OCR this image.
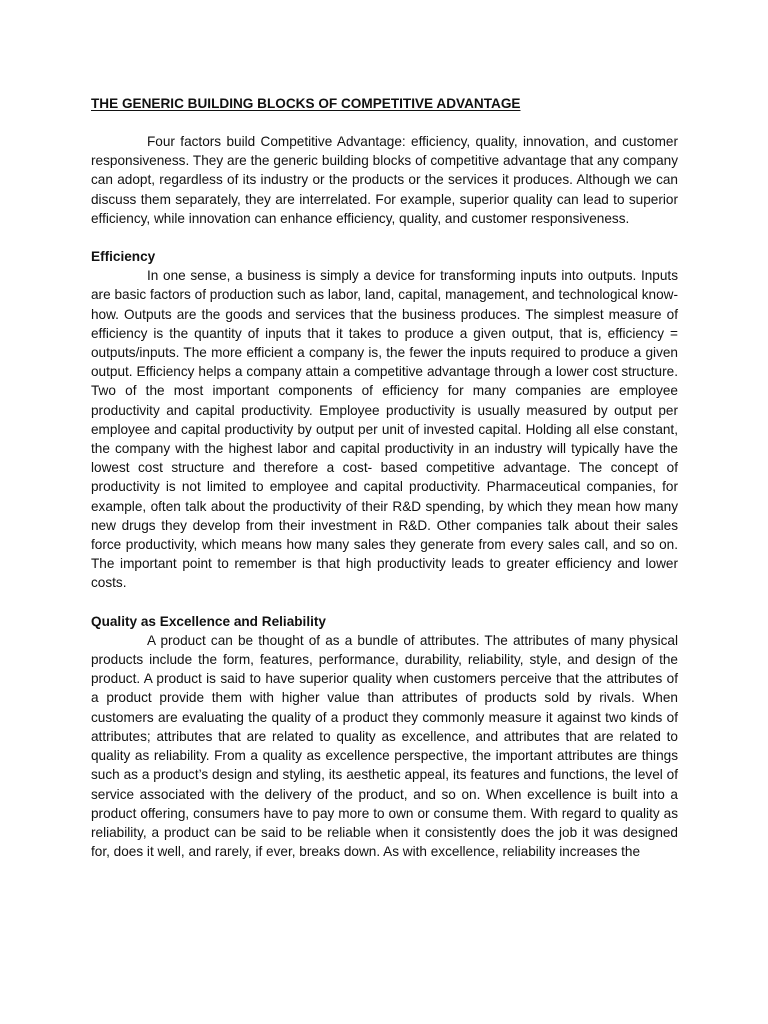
THE GENERIC BUILDING BLOCKS OF COMPETITIVE ADVANTAGE

Four factors build Competitive Advantage: efficiency, quality, innovation, and customer responsiveness. They are the generic building blocks of competitive advantage that any company can adopt, regardless of its industry or the products or the services it produces. Although we can discuss them separately, they are interrelated. For example, superior quality can lead to superior efficiency, while innovation can enhance efficiency, quality, and customer responsiveness.

Efficiency

In one sense, a business is simply a device for transforming inputs into outputs. Inputs are basic factors of production such as labor, land, capital, management, and technological know-how. Outputs are the goods and services that the business produces. The simplest measure of efficiency is the quantity of inputs that it takes to produce a given output, that is, efficiency = outputs/inputs. The more efficient a company is, the fewer the inputs required to produce a given output. Efficiency helps a company attain a competitive advantage through a lower cost structure. Two of the most important components of efficiency for many companies are employee productivity and capital productivity. Employee productivity is usually measured by output per employee and capital productivity by output per unit of invested capital. Holding all else constant, the company with the highest labor and capital productivity in an industry will typically have the lowest cost structure and therefore a cost- based competitive advantage. The concept of productivity is not limited to employee and capital productivity. Pharmaceutical companies, for example, often talk about the productivity of their R&D spending, by which they mean how many new drugs they develop from their investment in R&D. Other companies talk about their sales force productivity, which means how many sales they generate from every sales call, and so on. The important point to remember is that high productivity leads to greater efficiency and lower costs.

Quality as Excellence and Reliability

A product can be thought of as a bundle of attributes. The attributes of many physical products include the form, features, performance, durability, reliability, style, and design of the product. A product is said to have superior quality when customers perceive that the attributes of a product provide them with higher value than attributes of products sold by rivals. When customers are evaluating the quality of a product they commonly measure it against two kinds of attributes; attributes that are related to quality as excellence, and attributes that are related to quality as reliability. From a quality as excellence perspective, the important attributes are things such as a product’s design and styling, its aesthetic appeal, its features and functions, the level of service associated with the delivery of the product, and so on. When excellence is built into a product offering, consumers have to pay more to own or consume them. With regard to quality as reliability, a product can be said to be reliable when it consistently does the job it was designed for, does it well, and rarely, if ever, breaks down. As with excellence, reliability increases the
